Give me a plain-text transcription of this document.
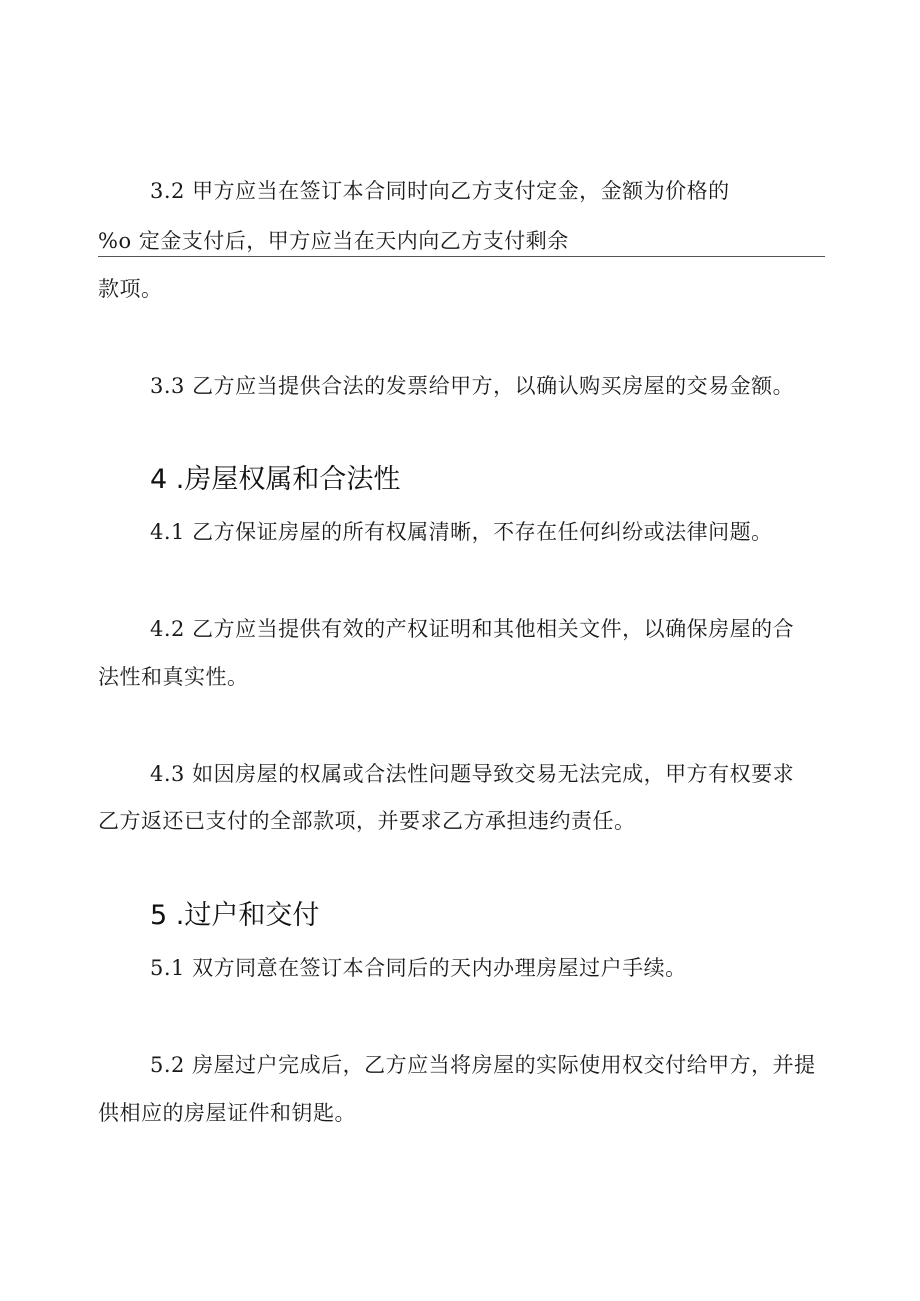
3.2 甲方应当在签订本合同时向乙方支付定金，金额为价格的
%o 定金支付后，甲方应当在天内向乙方支付剩余
款项。
3.3 乙方应当提供合法的发票给甲方，以确认购买房屋的交易金额。
4 .房屋权属和合法性
4.1 乙方保证房屋的所有权属清晰，不存在任何纠纷或法律问题。
4.2 乙方应当提供有效的产权证明和其他相关文件，以确保房屋的合
法性和真实性。
4.3 如因房屋的权属或合法性问题导致交易无法完成，甲方有权要求
乙方返还已支付的全部款项，并要求乙方承担违约责任。
5 .过户和交付
5.1 双方同意在签订本合同后的天内办理房屋过户手续。
5.2 房屋过户完成后，乙方应当将房屋的实际使用权交付给甲方，并提
供相应的房屋证件和钥匙。
